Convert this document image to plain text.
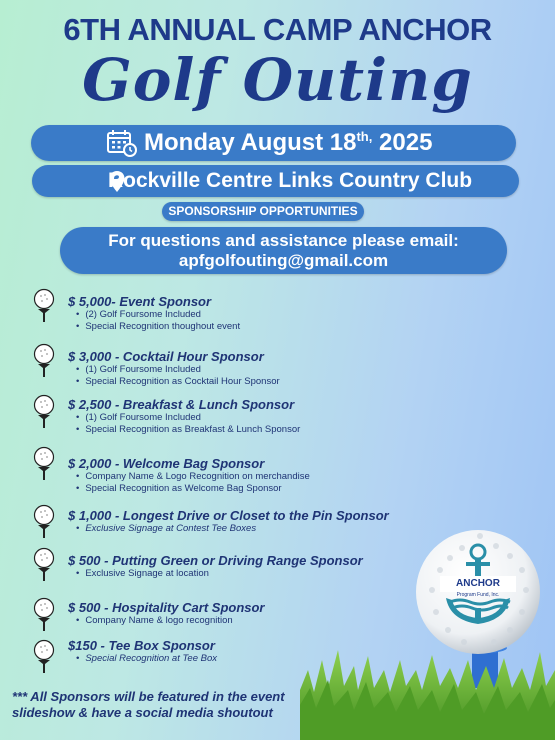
6TH ANNUAL CAMP ANCHOR
Golf Outing
Monday August $18^{th,}$ 2025
Rockville Centre Links Country Club
SPONSORSHIP OPPORTUNITIES
For questions and assistance please email:
apfgolfouting@gmail.com
$ 5,000- Event Sponsor
• (2) Golf Foursome Included
• Special Recognition thoughout event
$ 3,000 - Cocktail Hour Sponsor
• (1) Golf Foursome Included
• Special Recognition as Cocktail Hour Sponsor
$ 2,500 - Breakfast & Lunch Sponsor
• (1) Golf Foursome Included
• Special Recognition as Breakfast & Lunch Sponsor
$ 2,000 - Welcome Bag Sponsor
• Company Name & Logo Recognition on merchandise
• Special Recognition as Welcome Bag Sponsor
$ 1,000 - Longest Drive or Closet to the Pin Sponsor
• Exclusive Signage at Contest Tee Boxes
$ 500 - Putting Green or Driving Range Sponsor
• Exclusive Signage at location
$ 500 - Hospitality Cart Sponsor
• Company Name & logo recognition
$150 - Tee Box Sponsor
• Special Recognition at Tee Box
*** All Sponsors will be featured in the event
slideshow & have a social media shoutout
ANCHOR
Program Fund, Inc.
